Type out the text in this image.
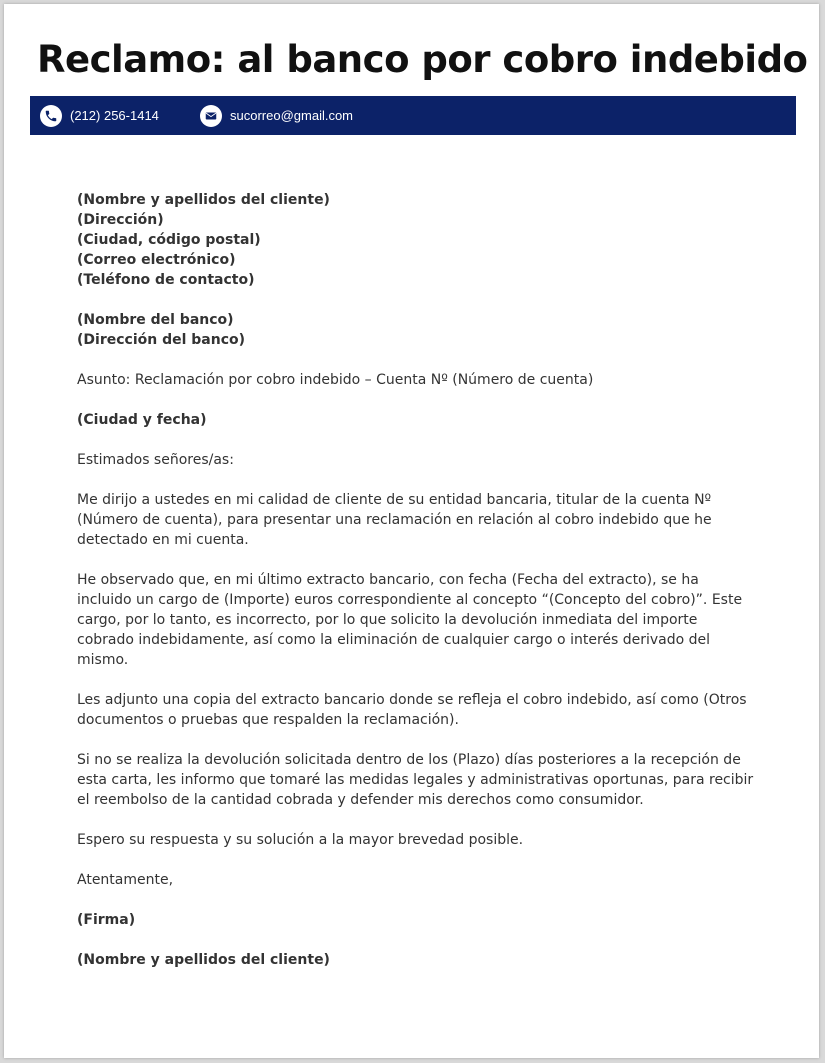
Reclamo: al banco por cobro indebido
(212) 256-1414	sucorreo@gmail.com

(Nombre y apellidos del cliente)

(Dirección)

(Ciudad, código postal)

(Correo electrónico)

(Teléfono de contacto)

(Nombre del banco)

(Dirección del banco)

Asunto: Reclamación por cobro indebido – Cuenta Nº (Número de cuenta)

(Ciudad y fecha)

Estimados señores/as:

Me dirijo a ustedes en mi calidad de cliente de su entidad bancaria, titular de la cuenta Nº (Número de cuenta), para presentar una reclamación en relación al cobro indebido que he detectado en mi cuenta.

He observado que, en mi último extracto bancario, con fecha (Fecha del extracto), se ha incluido un cargo de (Importe) euros correspondiente al concepto “(Concepto del cobro)”. Este cargo, por lo tanto, es incorrecto, por lo que solicito la devolución inmediata del importe cobrado indebidamente, así como la eliminación de cualquier cargo o interés derivado del mismo.

Les adjunto una copia del extracto bancario donde se refleja el cobro indebido, así como (Otros documentos o pruebas que respalden la reclamación).

Si no se realiza la devolución solicitada dentro de los (Plazo) días posteriores a la recepción de esta carta, les informo que tomaré las medidas legales y administrativas oportunas, para recibir el reembolso de la cantidad cobrada y defender mis derechos como consumidor.

Espero su respuesta y su solución a la mayor brevedad posible.

Atentamente,

(Firma)

(Nombre y apellidos del cliente)
